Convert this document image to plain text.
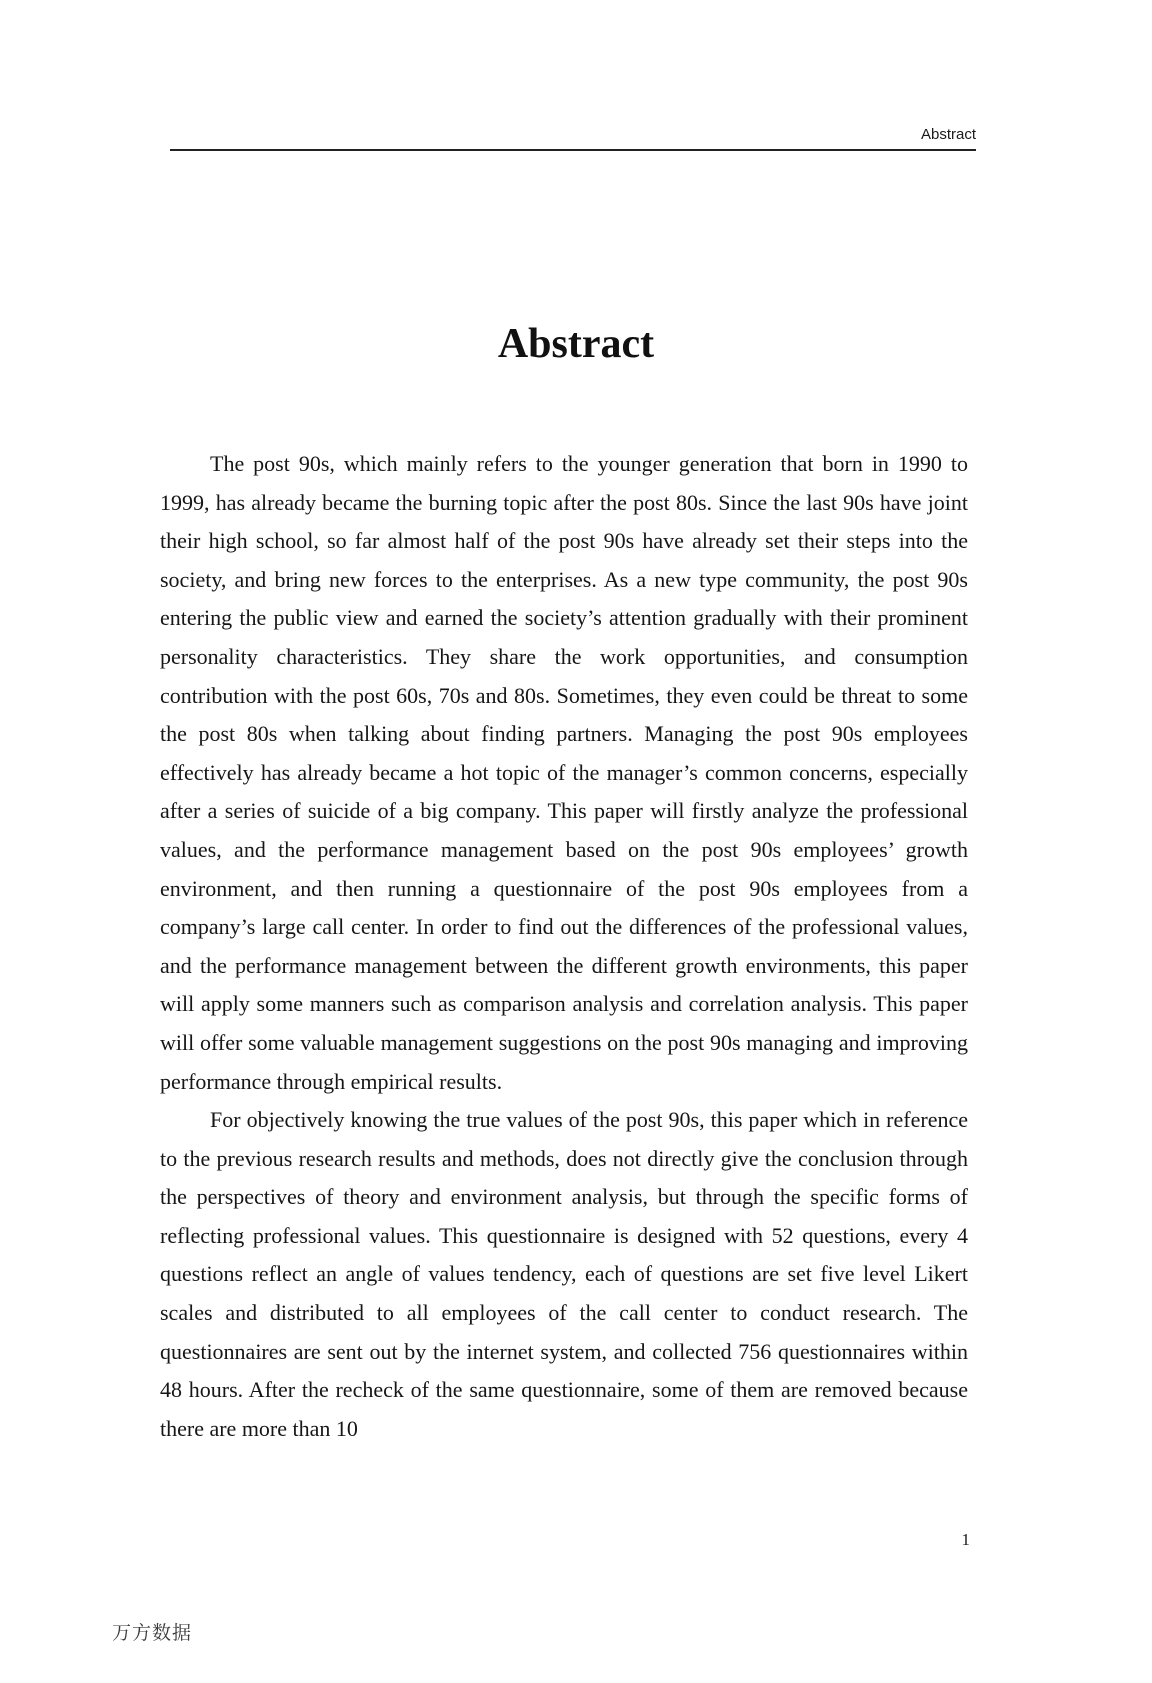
Abstract
Abstract

The post 90s, which mainly refers to the younger generation that born in 1990 to 1999, has already became the burning topic after the post 80s. Since the last 90s have joint their high school, so far almost half of the post 90s have already set their steps into the society, and bring new forces to the enterprises. As a new type community, the post 90s entering the public view and earned the society’s attention gradually with their prominent personality characteristics. They share the work opportunities, and consumption contribution with the post 60s, 70s and 80s. Sometimes, they even could be threat to some the post 80s when talking about finding partners. Managing the post 90s employees effectively has already became a hot topic of the manager’s common concerns, especially after a series of suicide of a big company. This paper will firstly analyze the professional values, and the performance management based on the post 90s employees’ growth environment, and then running a questionnaire of the post 90s employees from a company’s large call center. In order to find out the differences of the professional values, and the performance management between the different growth environments, this paper will apply some manners such as comparison analysis and correlation analysis. This paper will offer some valuable management suggestions on the post 90s managing and improving performance through empirical results.

For objectively knowing the true values of the post 90s, this paper which in reference to the previous research results and methods, does not directly give the conclusion through the perspectives of theory and environment analysis, but through the specific forms of reflecting professional values. This questionnaire is designed with 52 questions, every 4 questions reflect an angle of values tendency, each of questions are set five level Likert scales and distributed to all employees of the call center to conduct research. The questionnaires are sent out by the internet system, and collected 756 questionnaires within 48 hours. After the recheck of the same questionnaire, some of them are removed because there are more than 10

1
万方数据
